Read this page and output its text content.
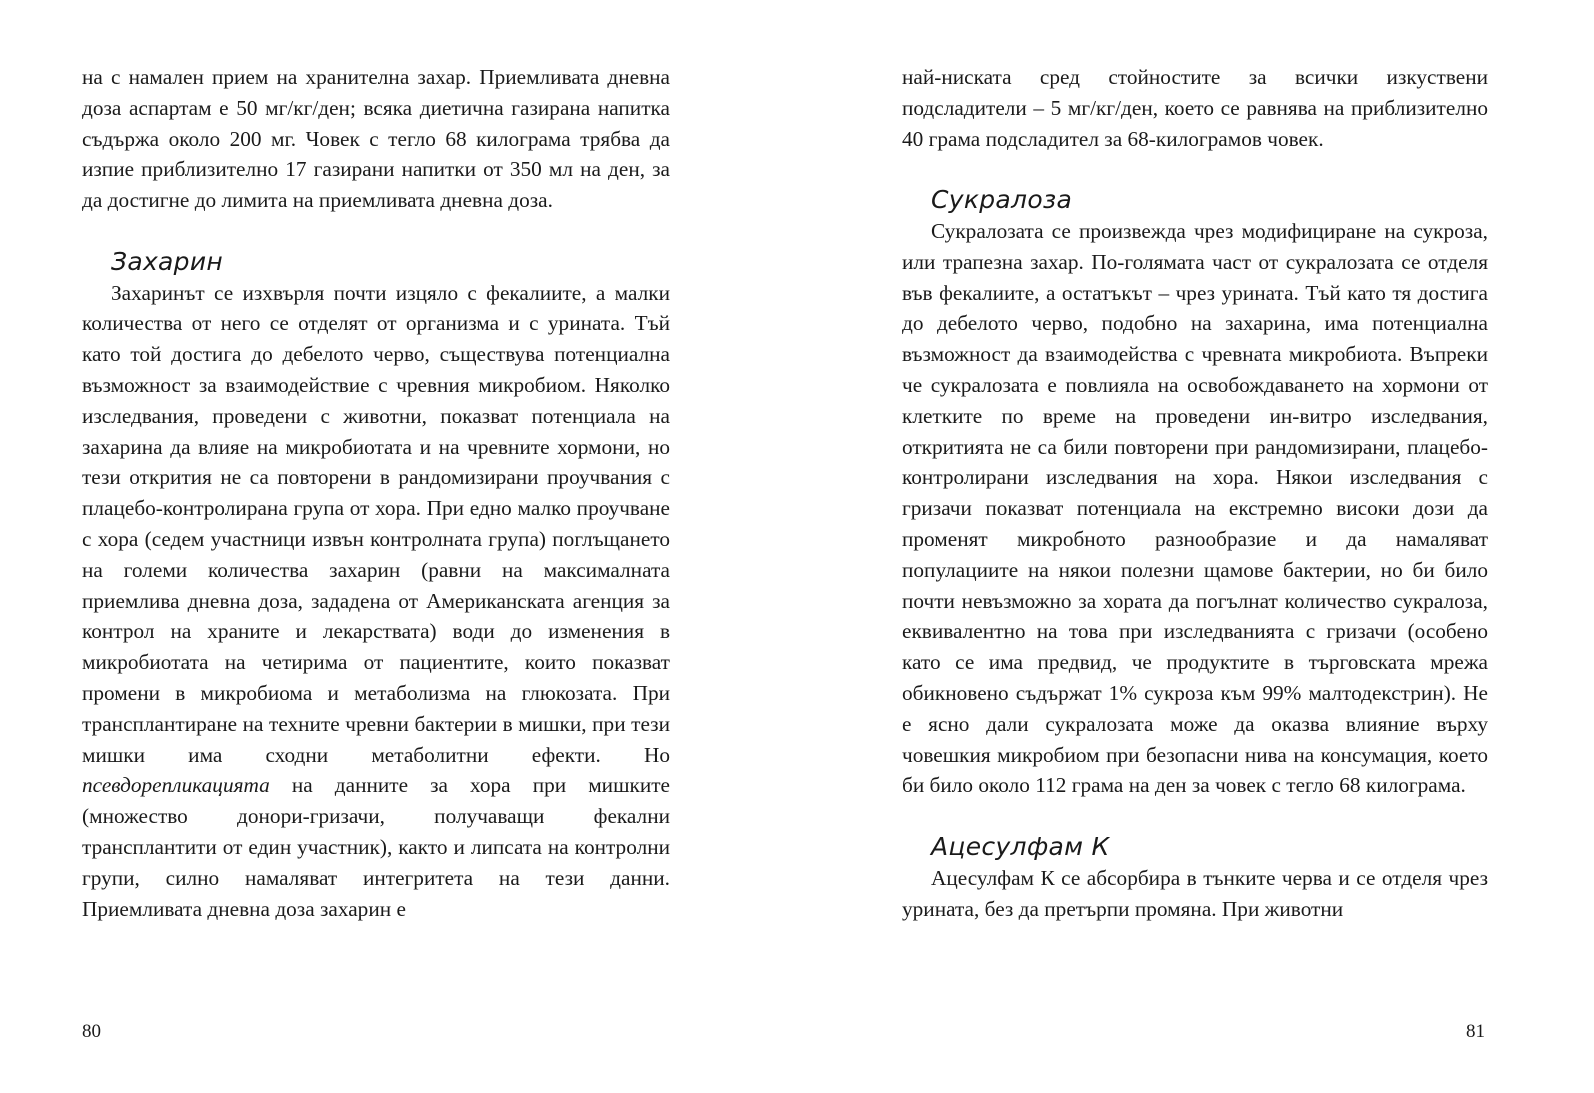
на с намален прием на хранителна захар. Приемливата дневна доза аспартам е 50 мг/кг/ден; всяка диетична газирана напитка съдържа около 200 мг. Човек с тегло 68 килограма трябва да изпие приблизително 17 газирани напитки от 350 мл на ден, за да достигне до лимита на приемливата дневна доза.

Захарин

Захаринът се изхвърля почти изцяло с фекалиите, а малки количества от него се отделят от организма и с урината. Тъй като той достига до дебелото черво, съществува потенциална възможност за взаимодействие с чревния микробиом. Няколко изследвания, проведени с животни, показват потенциала на захарина да влияе на микробиотата и на чревните хормони, но тези открития не са повторени в рандомизирани проучвания с плацебо-контролирана група от хора. При едно малко проучване с хора (седем участници извън контролната група) поглъщането на големи количества захарин (равни на максималната приемлива дневна доза, зададена от Американската агенция за контрол на храните и лекарствата) води до изменения в микробиотата на четирима от пациентите, които показват промени в микробиома и метаболизма на глюкозата. При трансплантиране на техните чревни бактерии в мишки, при тези мишки има сходни метаболитни ефекти. Но псевдорепликацията на данните за хора при мишките (множество донори-гризачи, получаващи фекални трансплантити от един участник), както и липсата на контролни групи, силно намаляват интегритета на тези данни. Приемливата дневна доза захарин е

най-ниската сред стойностите за всички изкуствени подсладители – 5 мг/кг/ден, което се равнява на приблизително 40 грама подсладител за 68-килограмов човек.

Сукралоза

Сукралозата се произвежда чрез модифициране на сукроза, или трапезна захар. По-голямата част от сукралозата се отделя във фекалиите, а остатъкът – чрез урината. Тъй като тя достига до дебелото черво, подобно на захарина, има потенциална възможност да взаимодейства с чревната микробиота. Въпреки че сукралозата е повлияла на освобождаването на хормони от клетките по време на проведени ин-витро изследвания, откритията не са били повторени при рандомизирани, плацебо-контролирани изследвания на хора. Някои изследвания с гризачи показват потенциала на екстремно високи дози да променят микробното разнообразие и да намаляват популациите на някои полезни щамове бактерии, но би било почти невъзможно за хората да погълнат количество сукралоза, еквивалентно на това при изследванията с гризачи (особено като се има предвид, че продуктите в търговската мрежа обикновено съдържат 1% сукроза към 99% малтодекстрин). Не е ясно дали сукралозата може да оказва влияние върху човешкия микробиом при безопасни нива на консумация, което би било около 112 грама на ден за човек с тегло 68 килограма.

Ацесулфам К

Ацесулфам К се абсорбира в тънките черва и се отделя чрез урината, без да претърпи промяна. При животни

80	81
